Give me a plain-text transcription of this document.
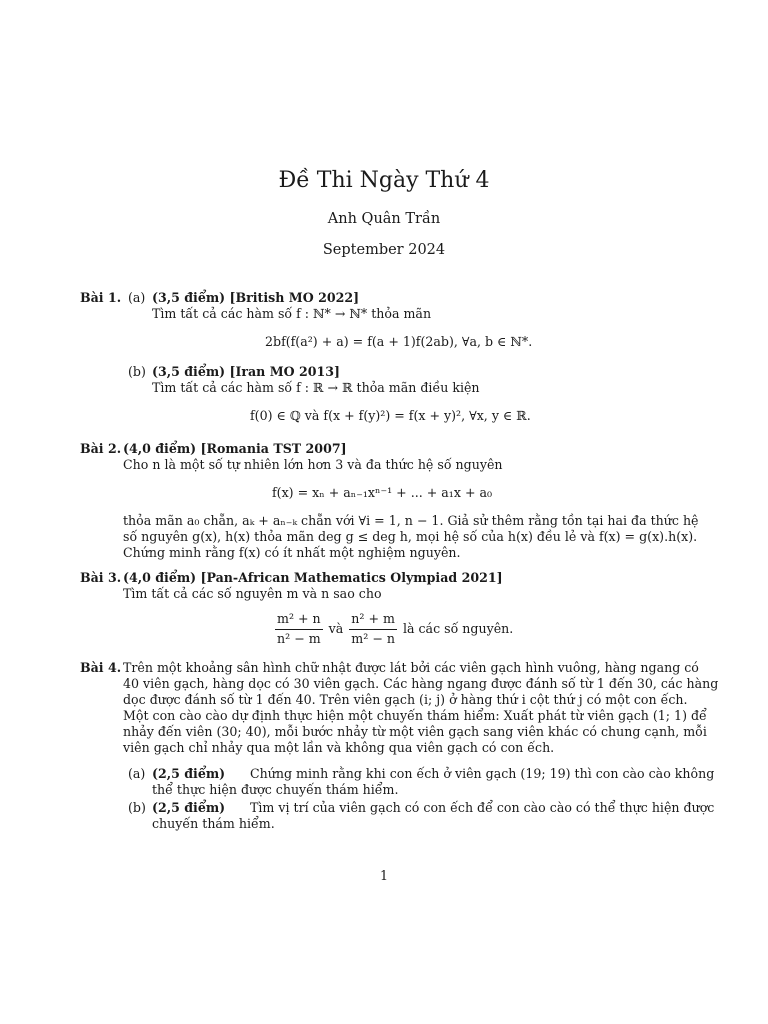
Đề Thi Ngày Thứ 4
Anh Quân Trần
September 2024
Bài 1. (a) (3,5 điểm) [British MO 2022]
Tìm tất cả các hàm số f : ℕ* → ℕ* thỏa mãn
2bf(f(a²) + a) = f(a + 1)f(2ab), ∀a, b ∈ ℕ*.
(b) (3,5 điểm) [Iran MO 2013]
Tìm tất cả các hàm số f : ℝ → ℝ thỏa mãn điều kiện
f(0) ∈ ℚ và f(x + f(y)²) = f(x + y)², ∀x, y ∈ ℝ.
Bài 2. (4,0 điểm) [Romania TST 2007]
Cho n là một số tự nhiên lớn hơn 3 và đa thức hệ số nguyên
f(x) = xₙ + aₙ₋₁xⁿ⁻¹ + ... + a₁x + a₀
thỏa mãn a₀ chẵn, aₖ + aₙ₋ₖ chẵn với ∀i = 1, n − 1. Giả sử thêm rằng tồn tại hai đa thức hệ
số nguyên g(x), h(x) thỏa mãn deg g ≤ deg h, mọi hệ số của h(x) đều lẻ và f(x) = g(x).h(x).
Chứng minh rằng f(x) có ít nhất một nghiệm nguyên.
Bài 3. (4,0 điểm) [Pan-African Mathematics Olympiad 2021]
Tìm tất cả các số nguyên m và n sao cho
$\frac{\text{m² + n}}{\text{n² − m}}$ và $\frac{\text{n² + m}}{\text{m² − n}}$ là các số nguyên.
Bài 4. Trên một khoảng sân hình chữ nhật được lát bởi các viên gạch hình vuông, hàng ngang có
40 viên gạch, hàng dọc có 30 viên gạch. Các hàng ngang được đánh số từ 1 đến 30, các hàng
dọc được đánh số từ 1 đến 40. Trên viên gạch (i; j) ở hàng thứ i cột thứ j có một con ếch.
Một con cào cào dự định thực hiện một chuyến thám hiểm: Xuất phát từ viên gạch (1; 1) để
nhảy đến viên (30; 40), mỗi bước nhảy từ một viên gạch sang viên khác có chung cạnh, mỗi
viên gạch chỉ nhảy qua một lần và không qua viên gạch có con ếch.
(a) (2,5 điểm) Chứng minh rằng khi con ếch ở viên gạch (19; 19) thì con cào cào không
thể thực hiện được chuyến thám hiểm.
(b) (2,5 điểm) Tìm vị trí của viên gạch có con ếch để con cào cào có thể thực hiện được
chuyến thám hiểm.
1
